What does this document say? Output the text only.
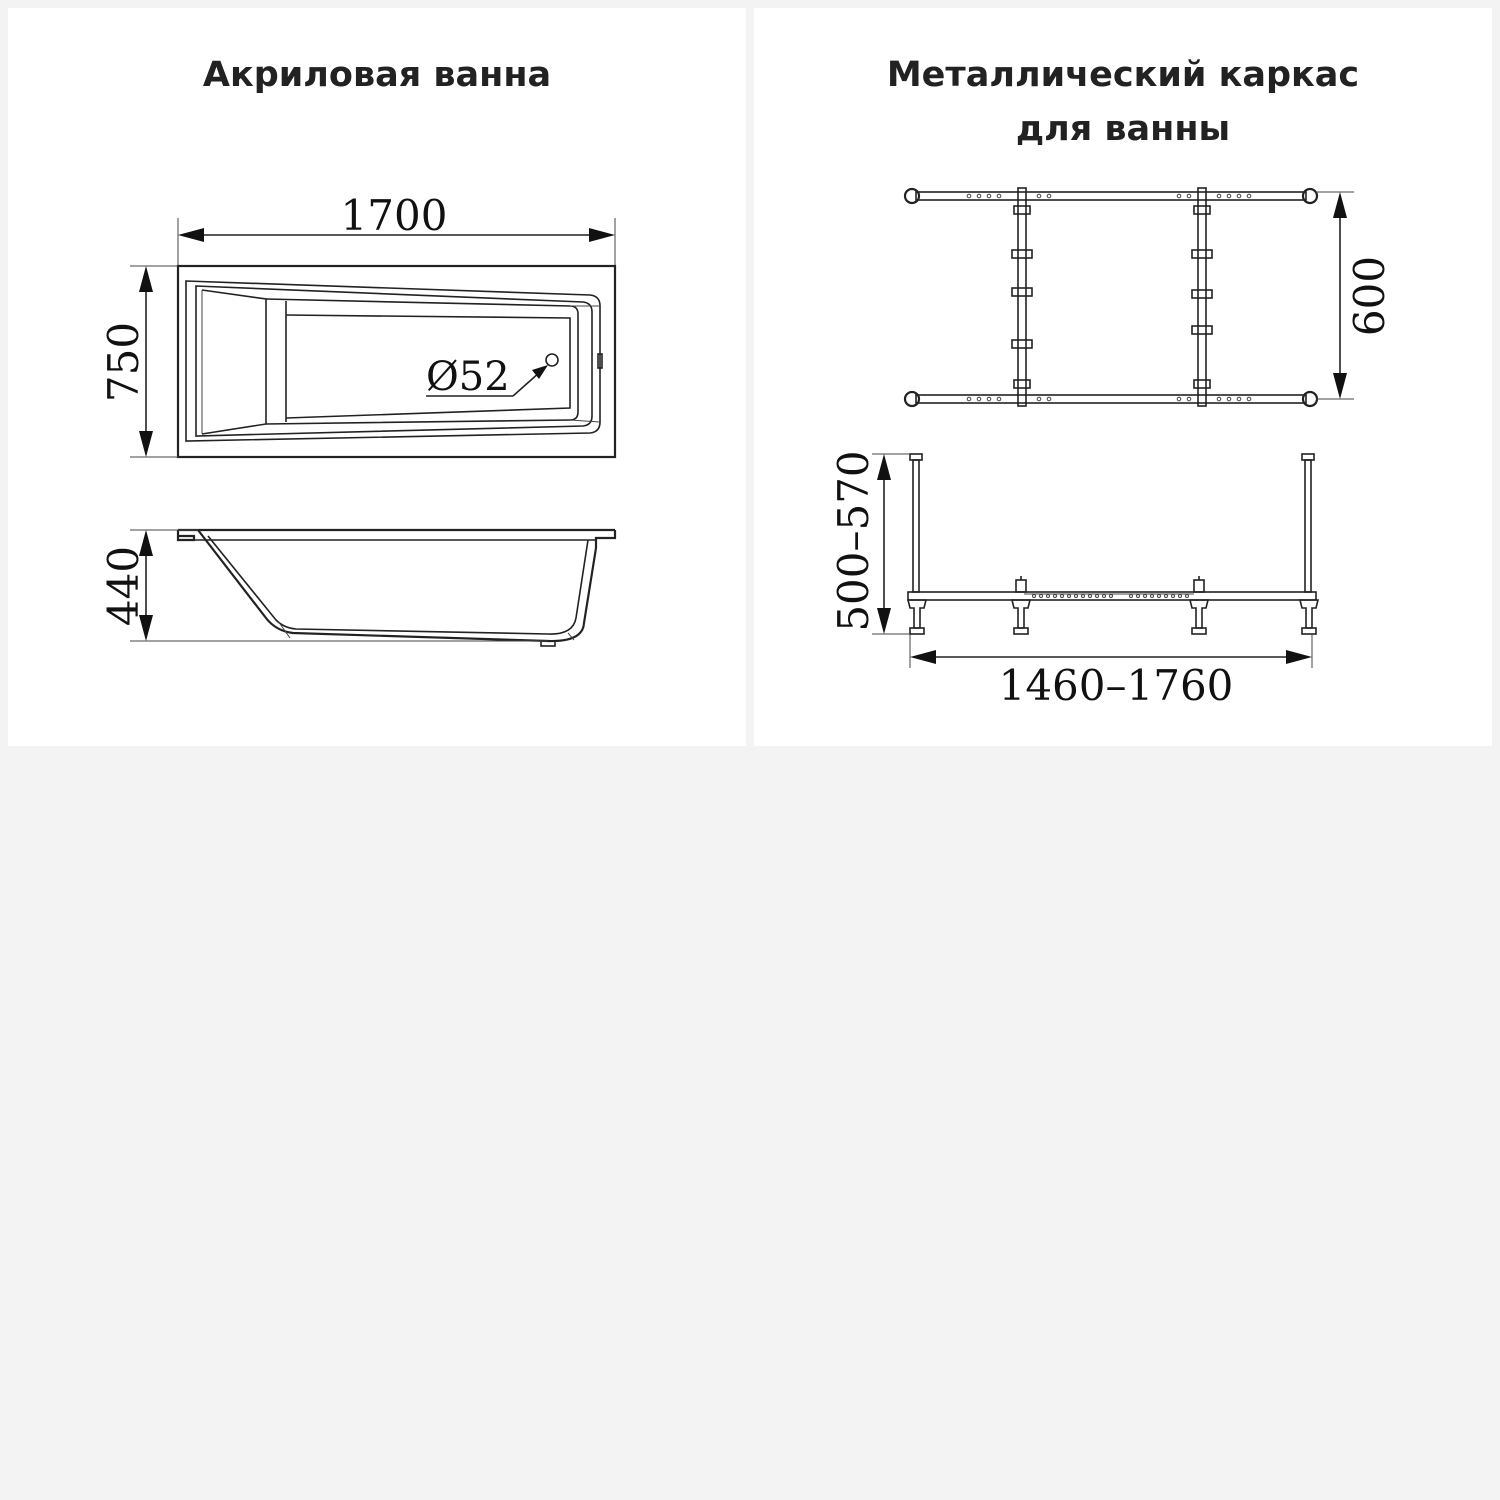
Акриловая ванна
1700
750	Ø52
440
Металлический каркас
для ванны
600
500–570
1460–1760
